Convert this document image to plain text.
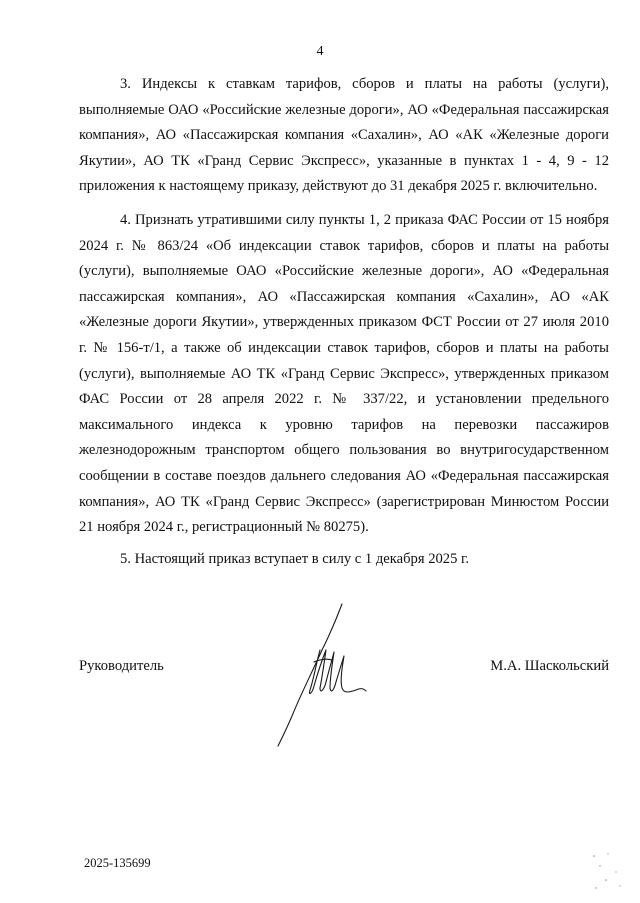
4

3. Индексы к ставкам тарифов, сборов и платы на работы (услуги), выполняемые ОАО «Российские железные дороги», АО «Федеральная пассажирская компания», АО «Пассажирская компания «Сахалин», АО «АК «Железные дороги Якутии», АО ТК «Гранд Сервис Экспресс», указанные в пунктах 1 - 4, 9 - 12 приложения к настоящему приказу, действуют до 31 декабря 2025 г. включительно.

4. Признать утратившими силу пункты 1, 2 приказа ФАС России от 15 ноября 2024 г. № 863/24 «Об индексации ставок тарифов, сборов и платы на работы (услуги), выполняемые ОАО «Российские железные дороги», АО «Федеральная пассажирская компания», АО «Пассажирская компания «Сахалин», АО «АК «Железные дороги Якутии», утвержденных приказом ФСТ России от 27 июля 2010 г. № 156-т/1, а также об индексации ставок тарифов, сборов и платы на работы (услуги), выполняемые АО ТК «Гранд Сервис Экспресс», утвержденных приказом ФАС России от 28 апреля 2022 г. № 337/22, и установлении предельного максимального индекса к уровню тарифов на перевозки пассажиров железнодорожным транспортом общего пользования во внутригосударственном сообщении в составе поездов дальнего следования АО «Федеральная пассажирская компания», АО ТК «Гранд Сервис Экспресс» (зарегистрирован Минюстом России 21 ноября 2024 г., регистрационный № 80275).

5. Настоящий приказ вступает в силу с 1 декабря 2025 г.

Руководитель	М.А. Шаскольский
2025-135699
